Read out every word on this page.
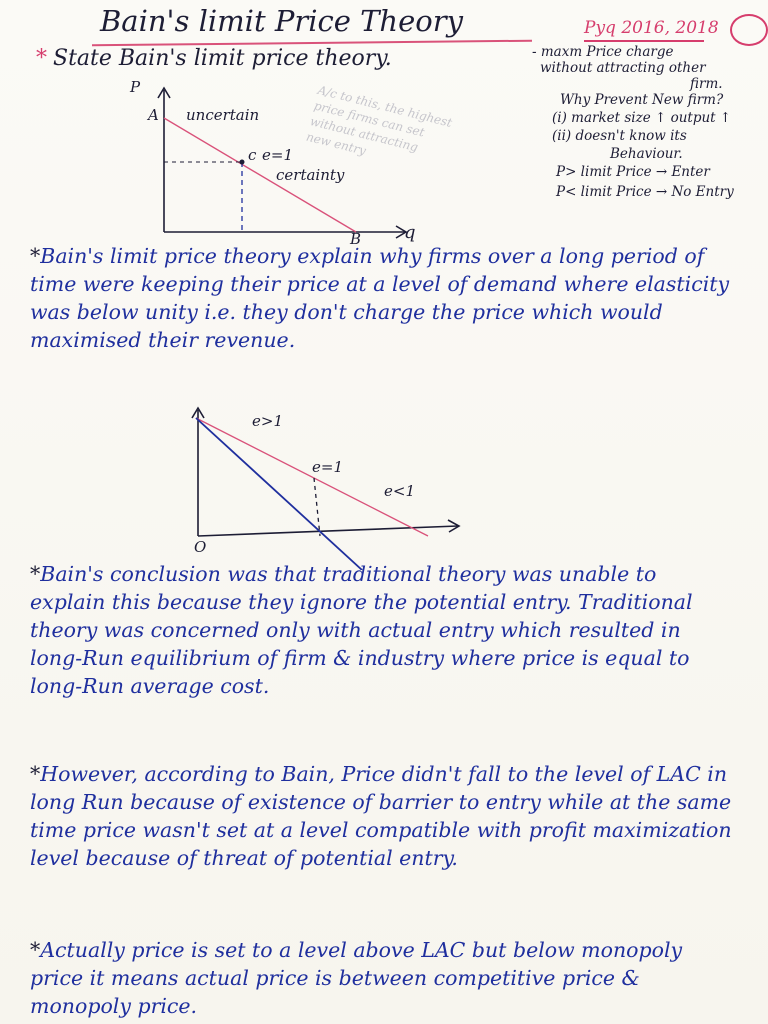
Bain's limit Price Theory	Pyq 2016, 2018
* State Bain's limit price theory.	- maxm Price charge
without attracting other
firm.
Why Prevent New firm?
(i) market size ↑ output ↑
(ii) doesn't know its
Behaviour.
P> limit Price → Enter
P< limit Price → No Entry
A/c to this, the highest
price firms can set
without attracting
new entry
P
A uncertain
c e=1
certainty
B q
*Bain's limit price theory explain why firms over a long period of time were keeping their price at a level of demand where elasticity was below unity i.e. they don't charge the price which would maximised their revenue.
e>1
e=1
e<1
O
*Bain's conclusion was that traditional theory was unable to explain this because they ignore the potential entry. Traditional theory was concerned only with actual entry which resulted in long-Run equilibrium of firm & industry where price is equal to long-Run average cost.
*However, according to Bain, Price didn't fall to the level of LAC in long Run because of existence of barrier to entry while at the same time price wasn't set at a level compatible with profit maximization level because of threat of potential entry.
*Actually price is set to a level above LAC but below monopoly price it means actual price is between competitive price & monopoly price.
